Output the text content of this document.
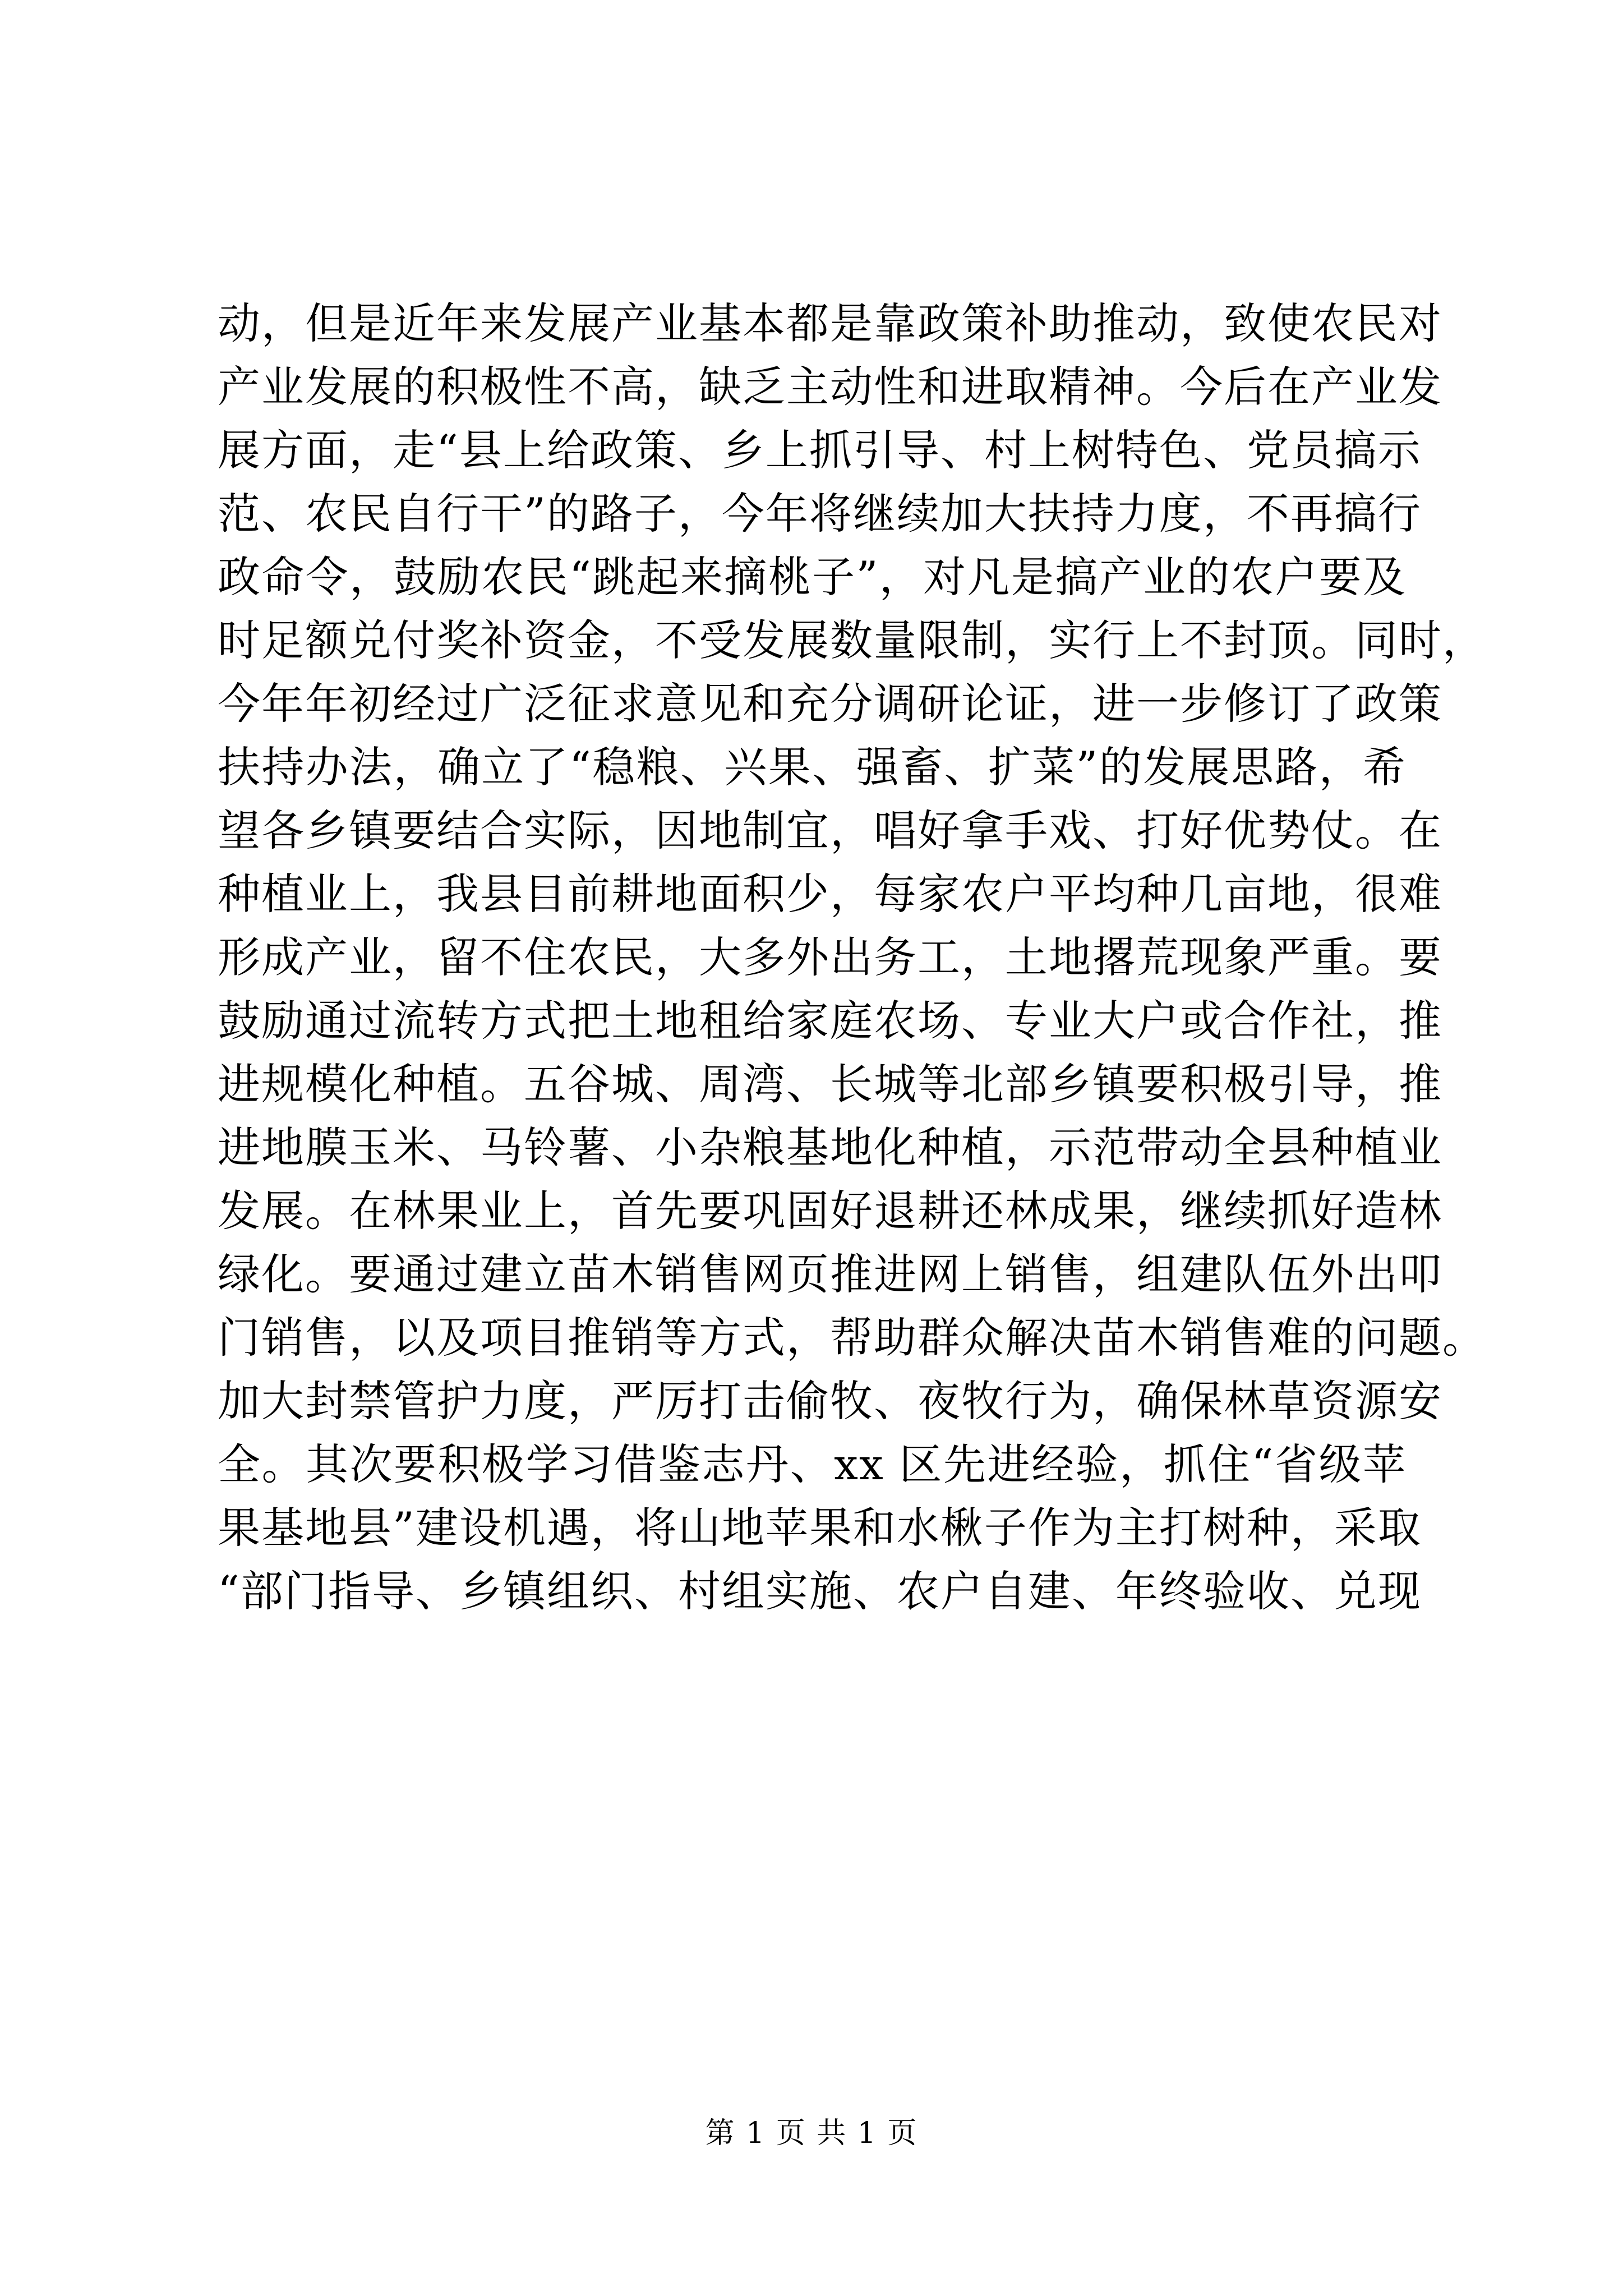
动，但是近年来发展产业基本都是靠政策补助推动，致使农民对
产业发展的积极性不高，缺乏主动性和进取精神。今后在产业发
展方面，走“县上给政策、乡上抓引导、村上树特色、党员搞示
范、农民自行干”的路子，今年将继续加大扶持力度，不再搞行
政命令，鼓励农民“跳起来摘桃子”，对凡是搞产业的农户要及
时足额兑付奖补资金，不受发展数量限制，实行上不封顶。同时，
今年年初经过广泛征求意见和充分调研论证，进一步修订了政策
扶持办法，确立了“稳粮、兴果、强畜、扩菜”的发展思路，希
望各乡镇要结合实际，因地制宜，唱好拿手戏、打好优势仗。在
种植业上，我县目前耕地面积少，每家农户平均种几亩地，很难
形成产业，留不住农民，大多外出务工，土地撂荒现象严重。要
鼓励通过流转方式把土地租给家庭农场、专业大户或合作社，推
进规模化种植。五谷城、周湾、长城等北部乡镇要积极引导，推
进地膜玉米、马铃薯、小杂粮基地化种植，示范带动全县种植业
发展。在林果业上，首先要巩固好退耕还林成果，继续抓好造林
绿化。要通过建立苗木销售网页推进网上销售，组建队伍外出叩
门销售，以及项目推销等方式，帮助群众解决苗木销售难的问题。
加大封禁管护力度，严厉打击偷牧、夜牧行为，确保林草资源安
全。其次要积极学习借鉴志丹、xx 区先进经验，抓住“省级苹
果基地县”建设机遇，将山地苹果和水楸子作为主打树种，采取
“部门指导、乡镇组织、村组实施、农户自建、年终验收、兑现
第 1 页 共 1 页
